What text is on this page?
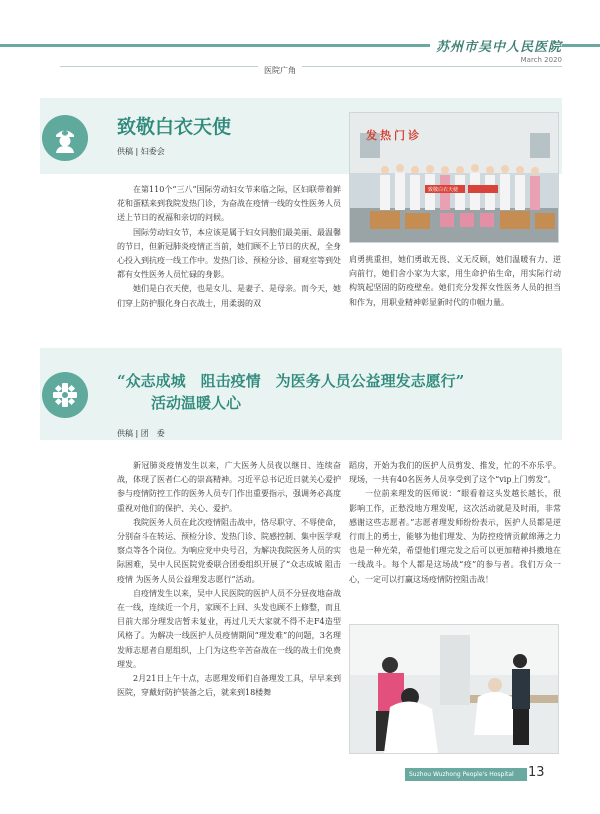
苏州市吴中人民医院
March 2020
医院广角
致敬白衣天使
供稿 | 妇委会
发热门诊
致敬白衣天使

在第110个“三八”国际劳动妇女节来临之际，区妇联带着鲜花和蛋糕来到我院发热门诊，为奋战在疫情一线的女性医务人员送上节日的祝福和亲切的问候。

国际劳动妇女节，本应该是属于妇女同胞们最美丽、最温馨的节日，但新冠肺炎疫情正当前，她们顾不上节日的庆祝，全身心投入到抗疫一线工作中。发热门诊、预检分诊、留观室等到处都有女性医务人员忙碌的身影。

她们是白衣天使，也是女儿、是妻子、是母亲。而今天，她们穿上防护服化身白衣战士，用柔弱的双

肩勇挑重担，她们勇敢无畏、义无反顾，她们温暖有力、逆向前行，她们舍小家为大家，用生命护佑生命，用实际行动构筑起坚固的防疫壁垒。她们充分发挥女性医务人员的担当和作为，用职业精神彰显新时代的巾帼力量。
“众志成城　阻击疫情　为医务人员公益理发志愿行”
活动温暖人心
供稿 | 团　委

新冠肺炎疫情发生以来，广大医务人员夜以继日、连续奋战，体现了医者仁心的崇高精神。习近平总书记近日就关心爱护参与疫情防控工作的医务人员专门作出重要指示，强调务必高度重视对他们的保护、关心、爱护。

我院医务人员在此次疫情阻击战中，恪尽职守、不辱使命，分别奋斗在转运、预检分诊、发热门诊、院感控制、集中医学观察点等各个岗位。为响应党中央号召，为解决我院医务人员的实际困难，吴中人民医院党委联合团委组织开展了“众志成城 阻击疫情 为医务人员公益理发志愿行”活动。

自疫情发生以来，吴中人民医院的医护人员不分昼夜地奋战在一线，连续近一个月，家顾不上回、头发也顾不上修整，而且目前大部分理发店暂未复业，再过几天大家就不得不走F4造型风格了。为解决一线医护人员疫情期间“理发难”的问题，3名理发师志愿者自愿组织，上门为这些辛苦奋战在一线的战士们免费理发。

2月21日上午十点，志愿理发师们自备理发工具，早早来到医院，穿戴好防护装备之后，就来到18楼舞

蹈房，开始为我们的医护人员剪发、推发，忙的不亦乐乎。现场，一共有40名医务人员享受到了这个“vip上门剪发”。

一位前来理发的医师说：“眼看着这头发越长越长，很影响工作，正愁没地方理发呢，这次活动就是及时雨，非常感谢这些志愿者。”志愿者理发师纷纷表示，医护人员都是逆行而上的勇士，能够为他们理发、为防控疫情贡献绵薄之力也是一种光荣，希望他们理完发之后可以更加精神抖擞地在一线战斗。每个人都是这场战“疫”的参与者。我们万众一心，一定可以打赢这场疫情防控阻击战！

Suzhou Wuzhong People's Hospital	13
